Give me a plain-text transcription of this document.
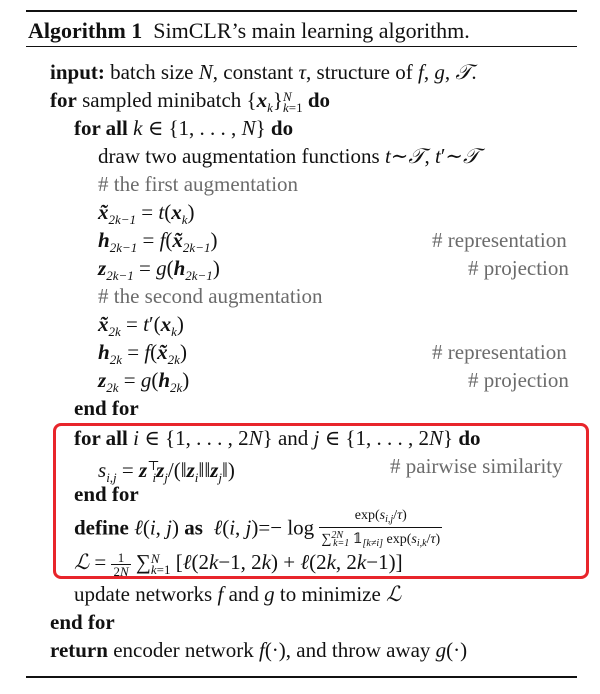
Algorithm 1 SimCLR’s main learning algorithm.
input: batch size N, constant τ, structure of f, g, 𝒯.
for sampled minibatch $\{x_k\}N$
k=1 do
for all k ∈ {1, . . . , N} do
draw two augmentation functions t∼𝒯, t′∼𝒯
# the first augmentation
$x̃_{2k-1} = t(x_k)$
$h_{2k-1}$ = $f(x̃_{2k-1})$	# representation
$z_{2k-1} = g(h_{2k-1})$	# projection
# the second augmentation
$x̃_{2k} = t'(x_k)$
$h_{2k}$ = $f(x̃_{2k})$	# representation
$z_{2k} = g(h_{2k})$	# projection
end for
for all i ∈ {1, . . . , 2N} and j ∈ {1, . . . , 2N} do
$s_{i,j}$ = $z^⊤_iz_j/(‖z_i‖‖z_j‖)$	# pairwise similarity
end for
define ℓ(i, j) as ℓ(i, $j)=- \log \frac{\exp(s_{i,j}/\tau)}{\sum^{2N}_{k=1} 𝟙_{[k\ne i]} \exp(s_{i,k}/\tau)}$
ℒ = $\frac{1}{2N} \sum N$
k=1 [ℓ(2k−1, 2k) + ℓ(2k, 2k−1)]
update networks f and g to minimize ℒ
end for
return encoder network f(·), and throw away g(·)
